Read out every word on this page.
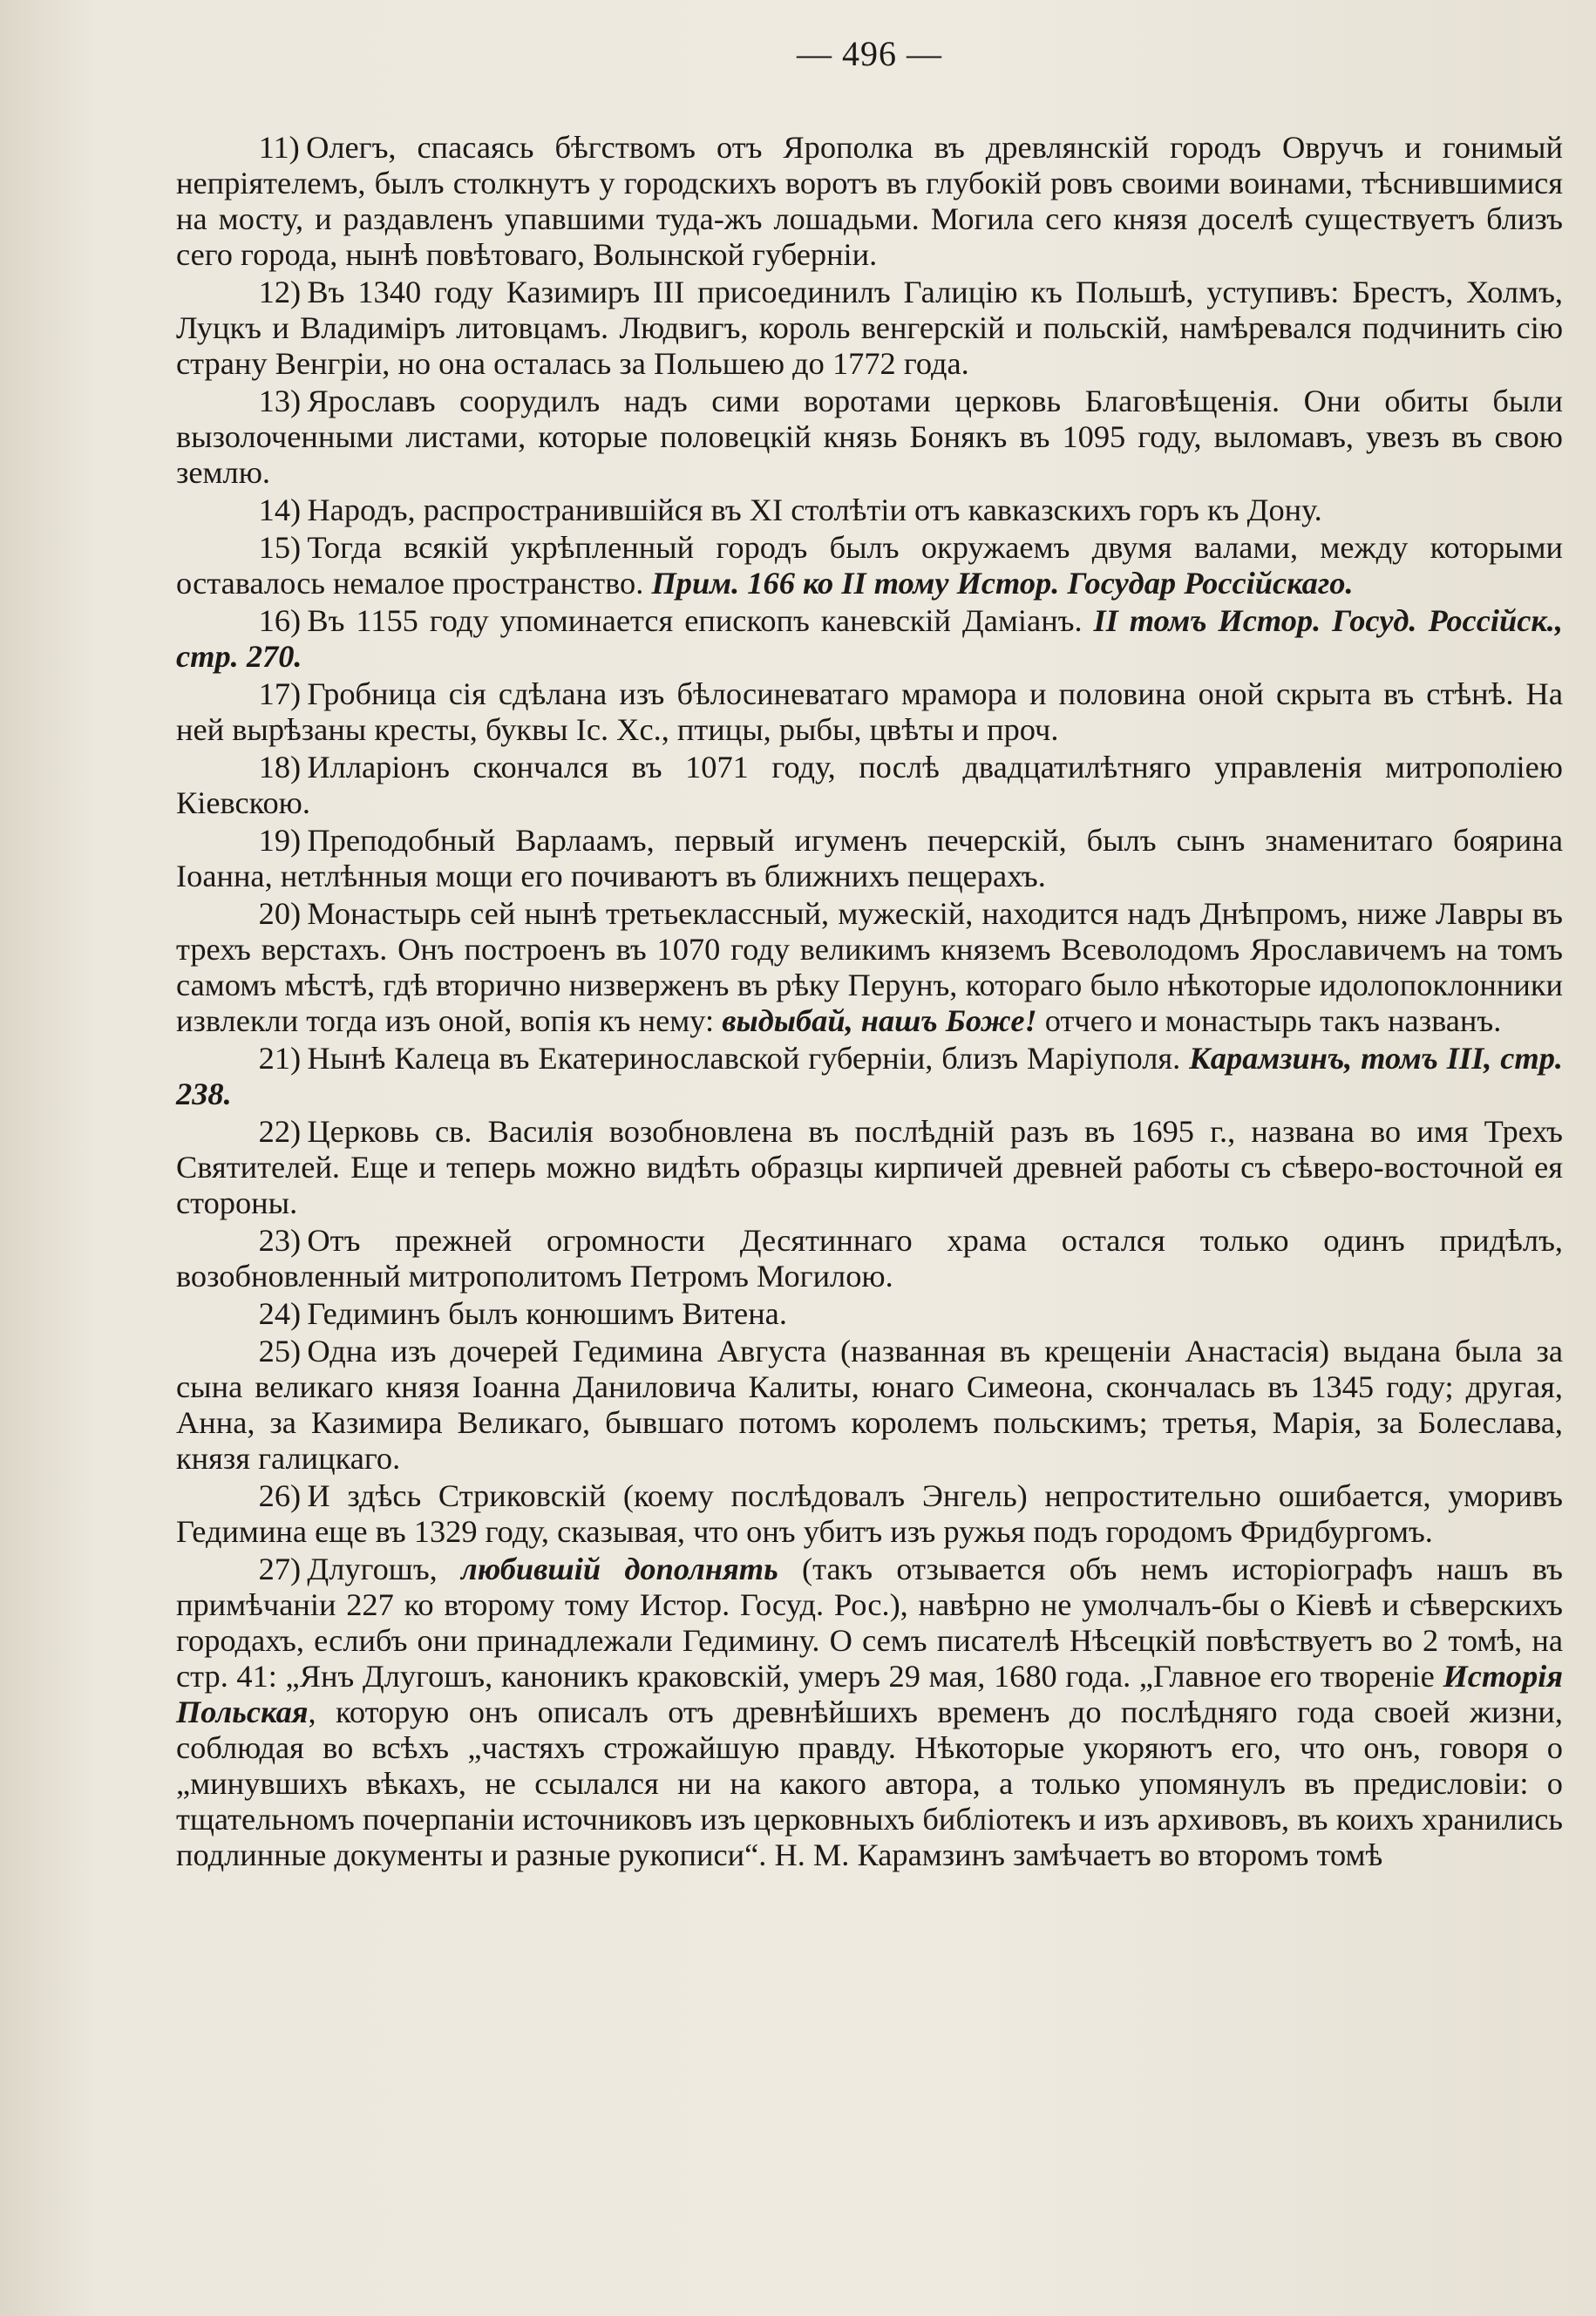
— 496 —

11) Олегъ, спасаясь бѣгствомъ отъ Ярополка въ древлянскій городъ Овручъ и гонимый непріятелемъ, былъ столкнутъ у городскихъ воротъ въ глубокій ровъ своими воинами, тѣснившимися на мосту, и раздавленъ упавшими туда-жъ лошадьми. Могила сего князя доселѣ существуетъ близъ сего города, нынѣ повѣтоваго, Волынской губерніи.

12) Въ 1340 году Казимиръ III присоединилъ Галицію къ Польшѣ, уступивъ: Брестъ, Холмъ, Луцкъ и Владиміръ литовцамъ. Людвигъ, король венгерскій и польскій, намѣревался подчинить сію страну Венгріи, но она осталась за Польшею до 1772 года.

13) Ярославъ соорудилъ надъ сими воротами церковь Благовѣщенія. Они обиты были вызолоченными листами, которые половецкій князь Бонякъ въ 1095 году, выломавъ, увезъ въ свою землю.

14) Народъ, распространившійся въ XI столѣтіи отъ кавказскихъ горъ къ Дону.

15) Тогда всякій укрѣпленный городъ былъ окружаемъ двумя валами, между которыми оставалось немалое пространство. Прим. 166 ко II тому Истор. Государ Россійскаго.

16) Въ 1155 году упоминается епископъ каневскій Даміанъ. II томъ Истор. Госуд. Россійск., стр. 270.

17) Гробница сія сдѣлана изъ бѣлосиневатаго мрамора и половина оной скрыта въ стѣнѣ. На ней вырѣзаны кресты, буквы Іс. Хс., птицы, рыбы, цвѣты и проч.

18) Илларіонъ скончался въ 1071 году, послѣ двадцатилѣтняго управленія митрополіею Кіевскою.

19) Преподобный Варлаамъ, первый игуменъ печерскій, былъ сынъ знаменитаго боярина Іоанна, нетлѣнныя мощи его почиваютъ въ ближнихъ пещерахъ.

20) Монастырь сей нынѣ третьеклассный, мужескій, находится надъ Днѣпромъ, ниже Лавры въ трехъ верстахъ. Онъ построенъ въ 1070 году великимъ княземъ Всеволодомъ Ярославичемъ на томъ самомъ мѣстѣ, гдѣ вторично низверженъ въ рѣку Перунъ, котораго было нѣкоторые идолопоклонники извлекли тогда изъ оной, вопія къ нему: выдыбай, нашъ Боже! отчего и монастырь такъ названъ.

21) Нынѣ Калеца въ Екатеринославской губерніи, близъ Маріуполя. Карамзинъ, томъ III, стр. 238.

22) Церковь св. Василія возобновлена въ послѣдній разъ въ 1695 г., названа во имя Трехъ Святителей. Еще и теперь можно видѣть образцы кирпичей древней работы съ сѣверо-восточной ея стороны.

23) Отъ прежней огромности Десятиннаго храма остался только одинъ придѣлъ, возобновленный митрополитомъ Петромъ Могилою.

24) Гедиминъ былъ конюшимъ Витена.

25) Одна изъ дочерей Гедимина Августа (названная въ крещеніи Анастасія) выдана была за сына великаго князя Іоанна Даниловича Калиты, юнаго Симеона, скончалась въ 1345 году; другая, Анна, за Казимира Великаго, бывшаго потомъ королемъ польскимъ; третья, Марія, за Болеслава, князя галицкаго.

26) И здѣсь Стриковскій (коему послѣдовалъ Энгель) непростительно ошибается, уморивъ Гедимина еще въ 1329 году, сказывая, что онъ убитъ изъ ружья подъ городомъ Фридбургомъ.

27) Длугошъ, любившій дополнять (такъ отзывается объ немъ исторіографъ нашъ въ примѣчаніи 227 ко второму тому Истор. Госуд. Рос.), навѣрно не умолчалъ-бы о Кіевѣ и сѣверскихъ городахъ, еслибъ они принадлежали Гедимину. О семъ писателѣ Нѣсецкій повѣствуетъ во 2 томѣ, на стр. 41: „Янъ Длугошъ, каноникъ краковскій, умеръ 29 мая, 1680 года. „Главное его твореніе Исторія Польская, которую онъ описалъ отъ древнѣйшихъ временъ до послѣдняго года своей жизни, соблюдая во всѣхъ „частяхъ строжайшую правду. Нѣкоторые укоряютъ его, что онъ, говоря о „минувшихъ вѣкахъ, не ссылался ни на какого автора, а только упомянулъ въ предисловіи: о тщательномъ почерпаніи источниковъ изъ церковныхъ библіотекъ и изъ архивовъ, въ коихъ хранились подлинные документы и разные рукописи“. Н. М. Карамзинъ замѣчаетъ во второмъ томѣ
